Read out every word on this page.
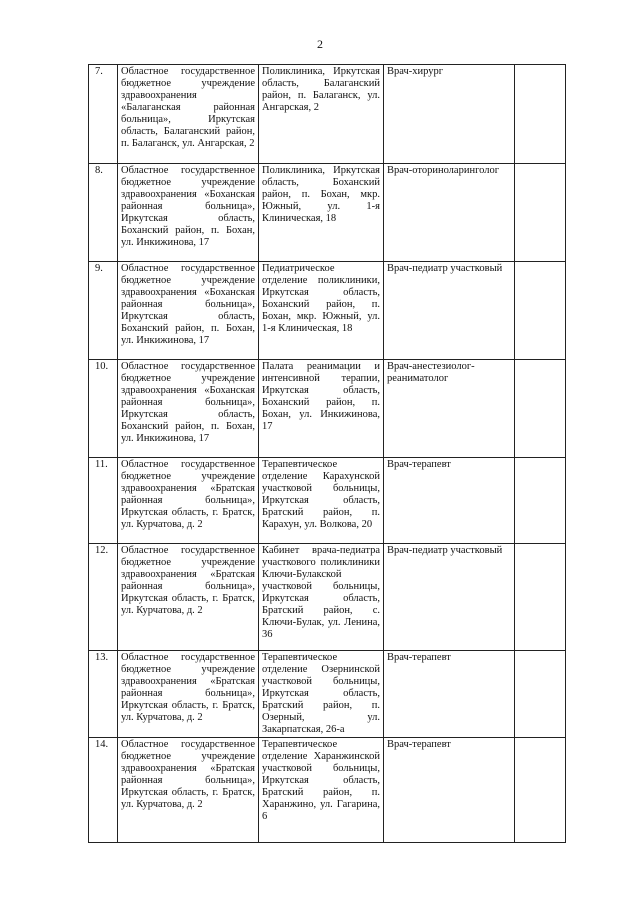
2
7.	Областное государственное бюджетное учреждение здравоохранения «Балаганская районная больница», Иркутская область, Балаганский район, п. Балаганск, ул. Ангарская, 2	Поликлиника, Иркутская область, Балаганский район, п. Балаганск, ул. Ангарская, 2	Врач-хирург	
8.	Областное государственное бюджетное учреждение здравоохранения «Боханская районная больница», Иркутская область, Боханский район, п. Бохан, ул. Инкижинова, 17	Поликлиника, Иркутская область, Боханский район, п. Бохан, мкр. Южный, ул. 1-я Клиническая, 18	Врач-оториноларинголог	
9.	Областное государственное бюджетное учреждение здравоохранения «Боханская районная больница», Иркутская область, Боханский район, п. Бохан, ул. Инкижинова, 17	Педиатрическое отделение поликлиники, Иркутская область, Боханский район, п. Бохан, мкр. Южный, ул. 1-я Клиническая, 18	Врач-педиатр участковый	
10.	Областное государственное бюджетное учреждение здравоохранения «Боханская районная больница», Иркутская область, Боханский район, п. Бохан, ул. Инкижинова, 17	Палата реанимации и интенсивной терапии, Иркутская область, Боханский район, п. Бохан, ул. Инкижинова, 17	Врач-анестезиолог-реаниматолог	
11.	Областное государственное бюджетное учреждение здравоохранения «Братская районная больница», Иркутская область, г. Братск, ул. Курчатова, д. 2	Терапевтическое отделение Карахунской участковой больницы, Иркутская область, Братский район, п. Карахун, ул. Волкова, 20	Врач-терапевт	
12.	Областное государственное бюджетное учреждение здравоохранения «Братская районная больница», Иркутская область, г. Братск, ул. Курчатова, д. 2	Кабинет врача-педиатра участкового поликлиники Ключи-Булакской участковой больницы, Иркутская область, Братский район, с. Ключи-Булак, ул. Ленина, 36	Врач-педиатр участковый	
13.	Областное государственное бюджетное учреждение здравоохранения «Братская районная больница», Иркутская область, г. Братск, ул. Курчатова, д. 2	Терапевтическое отделение Озернинской участковой больницы, Иркутская область, Братский район, п. Озерный, ул. Закарпатская, 26-а	Врач-терапевт	
14.	Областное государственное бюджетное учреждение здравоохранения «Братская районная больница», Иркутская область, г. Братск, ул. Курчатова, д. 2	Терапевтическое отделение Харанжинской участковой больницы, Иркутская область, Братский район, п. Харанжино, ул. Гагарина, 6	Врач-терапевт	
